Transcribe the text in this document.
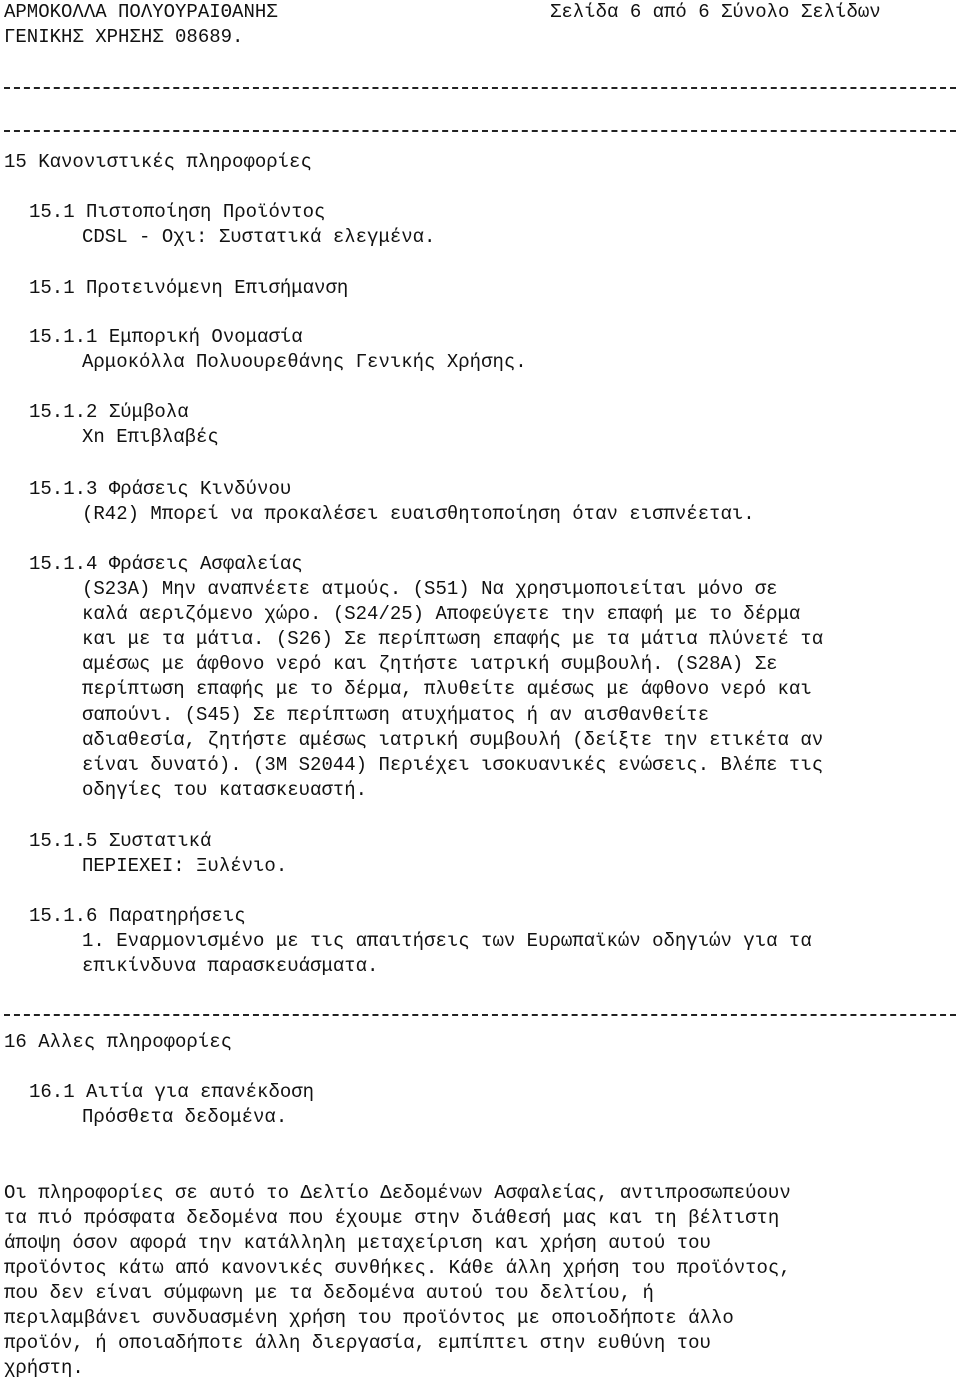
ΑΡΜΟΚΟΛΛΑ ΠΟΛΥΟΥΡΑΙΘΑΝΗΣ	Σελίδα 6 από 6 Σύνολο Σελίδων
ΓΕΝΙΚΗΣ ΧΡΗΣΗΣ 08689.
15 Κανονιστικές πληροφορίες
15.1 Πιστοποίηση Προϊόντος
CDSL - Οχι: Συστατικά ελεγμένα.
15.1 Προτεινόμενη Επισήμανση
15.1.1 Εμπορική Ονομασία
Αρμοκόλλα Πολυουρεθάνης Γενικής Χρήσης.
15.1.2 Σύμβολα
Xn Επιβλαβές
15.1.3 Φράσεις Κινδύνου
(R42) Μπορεί να προκαλέσει ευαισθητοποίηση όταν εισπνέεται.
15.1.4 Φράσεις Ασφαλείας
(S23A) Μην αναπνέετε ατμούς. (S51) Να χρησιμοποιείται μόνο σε
καλά αεριζόμενο χώρο. (S24/25) Αποφεύγετε την επαφή με το δέρμα
και με τα μάτια. (S26) Σε περίπτωση επαφής με τα μάτια πλύνετέ τα
αμέσως με άφθονο νερό και ζητήστε ιατρική συμβουλή. (S28A) Σε
περίπτωση επαφής με το δέρμα, πλυθείτε αμέσως με άφθονο νερό και
σαπούνι. (S45) Σε περίπτωση ατυχήματος ή αν αισθανθείτε
αδιαθεσία, ζητήστε αμέσως ιατρική συμβουλή (δείξτε την ετικέτα αν
είναι δυνατό). (3M S2044) Περιέχει ισοκυανικές ενώσεις. Βλέπε τις
οδηγίες του κατασκευαστή.
15.1.5 Συστατικά
ΠΕΡΙΕΧΕΙ: Ξυλένιο.
15.1.6 Παρατηρήσεις
1. Εναρμονισμένο με τις απαιτήσεις των Ευρωπαϊκών οδηγιών για τα
επικίνδυνα παρασκευάσματα.
16 Αλλες πληροφορίες
16.1 Αιτία για επανέκδοση
Πρόσθετα δεδομένα.
Οι πληροφορίες σε αυτό το Δελτίο Δεδομένων Ασφαλείας, αντιπροσωπεύουν
τα πιό πρόσφατα δεδομένα που έχουμε στην διάθεσή μας και τη βέλτιστη
άποψη όσον αφορά την κατάλληλη μεταχείριση και χρήση αυτού του
προϊόντος κάτω από κανονικές συνθήκες. Κάθε άλλη χρήση του προϊόντος,
που δεν είναι σύμφωνη με τα δεδομένα αυτού του δελτίου, ή
περιλαμβάνει συνδυασμένη χρήση του προϊόντος με οποιοδήποτε άλλο
προϊόν, ή οποιαδήποτε άλλη διεργασία, εμπίπτει στην ευθύνη του
χρήστη.
